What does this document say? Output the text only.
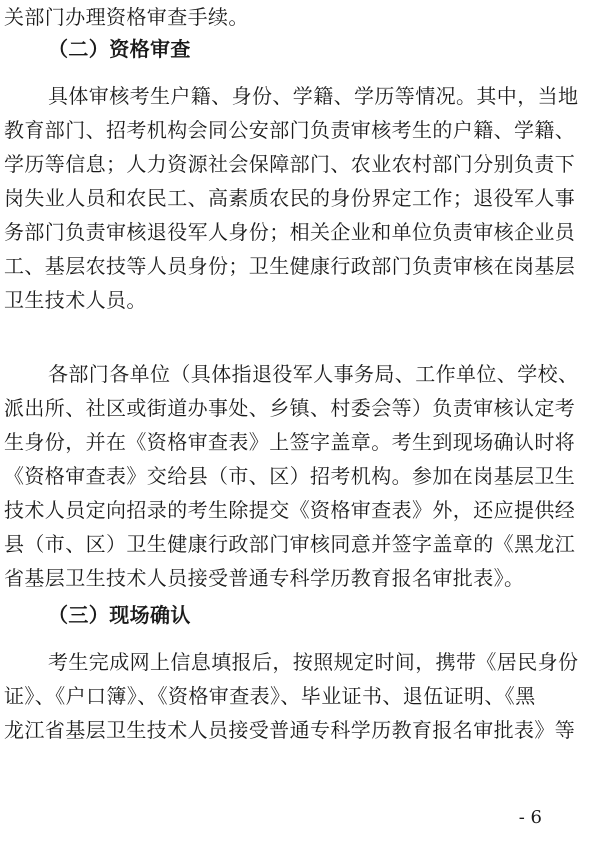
关部门办理资格审查手续。
（二）资格审查
具体审核考生户籍、身份、学籍、学历等情况。其中，当地
教育部门、招考机构会同公安部门负责审核考生的户籍、学籍、
学历等信息；人力资源社会保障部门、农业农村部门分别负责下
岗失业人员和农民工、高素质农民的身份界定工作；退役军人事
务部门负责审核退役军人身份；相关企业和单位负责审核企业员
工、基层农技等人员身份；卫生健康行政部门负责审核在岗基层
卫生技术人员。
各部门各单位（具体指退役军人事务局、工作单位、学校、
派出所、社区或街道办事处、乡镇、村委会等）负责审核认定考
生身份，并在《资格审查表》上签字盖章。考生到现场确认时将
《资格审查表》交给县（市、区）招考机构。参加在岗基层卫生
技术人员定向招录的考生除提交《资格审查表》外，还应提供经
县（市、区）卫生健康行政部门审核同意并签字盖章的《黑龙江
省基层卫生技术人员接受普通专科学历教育报名审批表》。
（三）现场确认
考生完成网上信息填报后，按照规定时间，携带《居民身份
证》、《户口簿》、《资格审查表》、毕业证书、退伍证明、《黑
龙江省基层卫生技术人员接受普通专科学历教育报名审批表》等
- 6
